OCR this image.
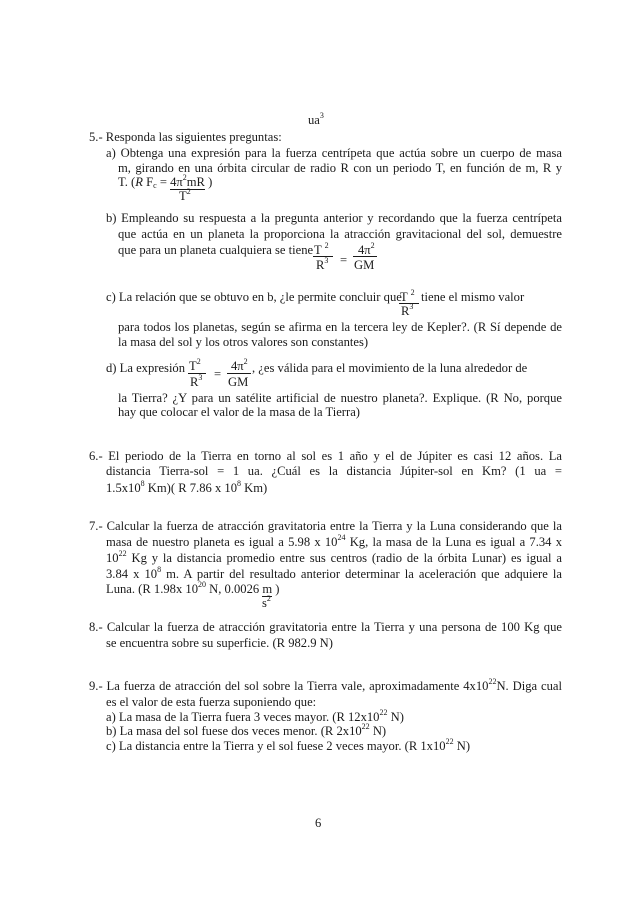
$ua^3$
5.- Responda las siguientes preguntas:
a) Obtenga una expresión para la fuerza centrípeta que actúa sobre un cuerpo de masa
m, girando en una órbita circular de radio R con un periodo T, en función de m, R y
T. (R $F_c = 4\pi^2mR$ )
$T^2$
b) Empleando su respuesta a la pregunta anterior y recordando que la fuerza centrípeta
que actúa en un planeta la proporciona la atracción gravitacional del sol, demuestre
que para un planeta cualquiera se tiene T $^2$
$R^3$ =
$4\pi^2$
GM
c) La relación que se obtuvo en b, ¿le permite concluir que
T $^2$ tiene el mismo valor
$R^3$
para todos los planetas, según se afirma en la tercera ley de Kepler?. (R Sí depende de
la masa del sol y los otros valores son constantes)
d) La expresión $T^2$
$R^3$ =
$4\pi^2$
GM
, ¿es válida para el movimiento de la luna alrededor de
la Tierra? ¿Y para un satélite artificial de nuestro planeta?. Explique. (R No, porque
hay que colocar el valor de la masa de la Tierra)
6.- El periodo de la Tierra en torno al sol es 1 año y el de Júpiter es casi 12 años. La
distancia Tierra-sol = 1 ua. ¿Cuál es la distancia Júpiter-sol en Km? (1 ua =
$1.5x10^8$ Km)( R 7.86 x $10^8$ Km)
7.- Calcular la fuerza de atracción gravitatoria entre la Tierra y la Luna considerando que la
masa de nuestro planeta es igual a 5.98 x $10^{24}$ Kg, la masa de la Luna es igual a 7.34 x
$10^{22}$ Kg y la distancia promedio entre sus centros (radio de la órbita Lunar) es igual a
3.84 x $10^8$ m. A partir del resultado anterior determinar la aceleración que adquiere la
Luna. (R 1.98x $10^{20}$ N, 0.0026 m )
$s^2$
8.- Calcular la fuerza de atracción gravitatoria entre la Tierra y una persona de 100 Kg que
se encuentra sobre su superficie. (R 982.9 N)
9.- La fuerza de atracción del sol sobre la Tierra vale, aproximadamente $4x10^{22}N$. Diga cual
es el valor de esta fuerza suponiendo que:
a) La masa de la Tierra fuera 3 veces mayor. (R $12x10^{22}$ N)
b) La masa del sol fuese dos veces menor. (R $2x10^{22}$ N)
c) La distancia entre la Tierra y el sol fuese 2 veces mayor. (R $1x10^{22}$ N)
6
